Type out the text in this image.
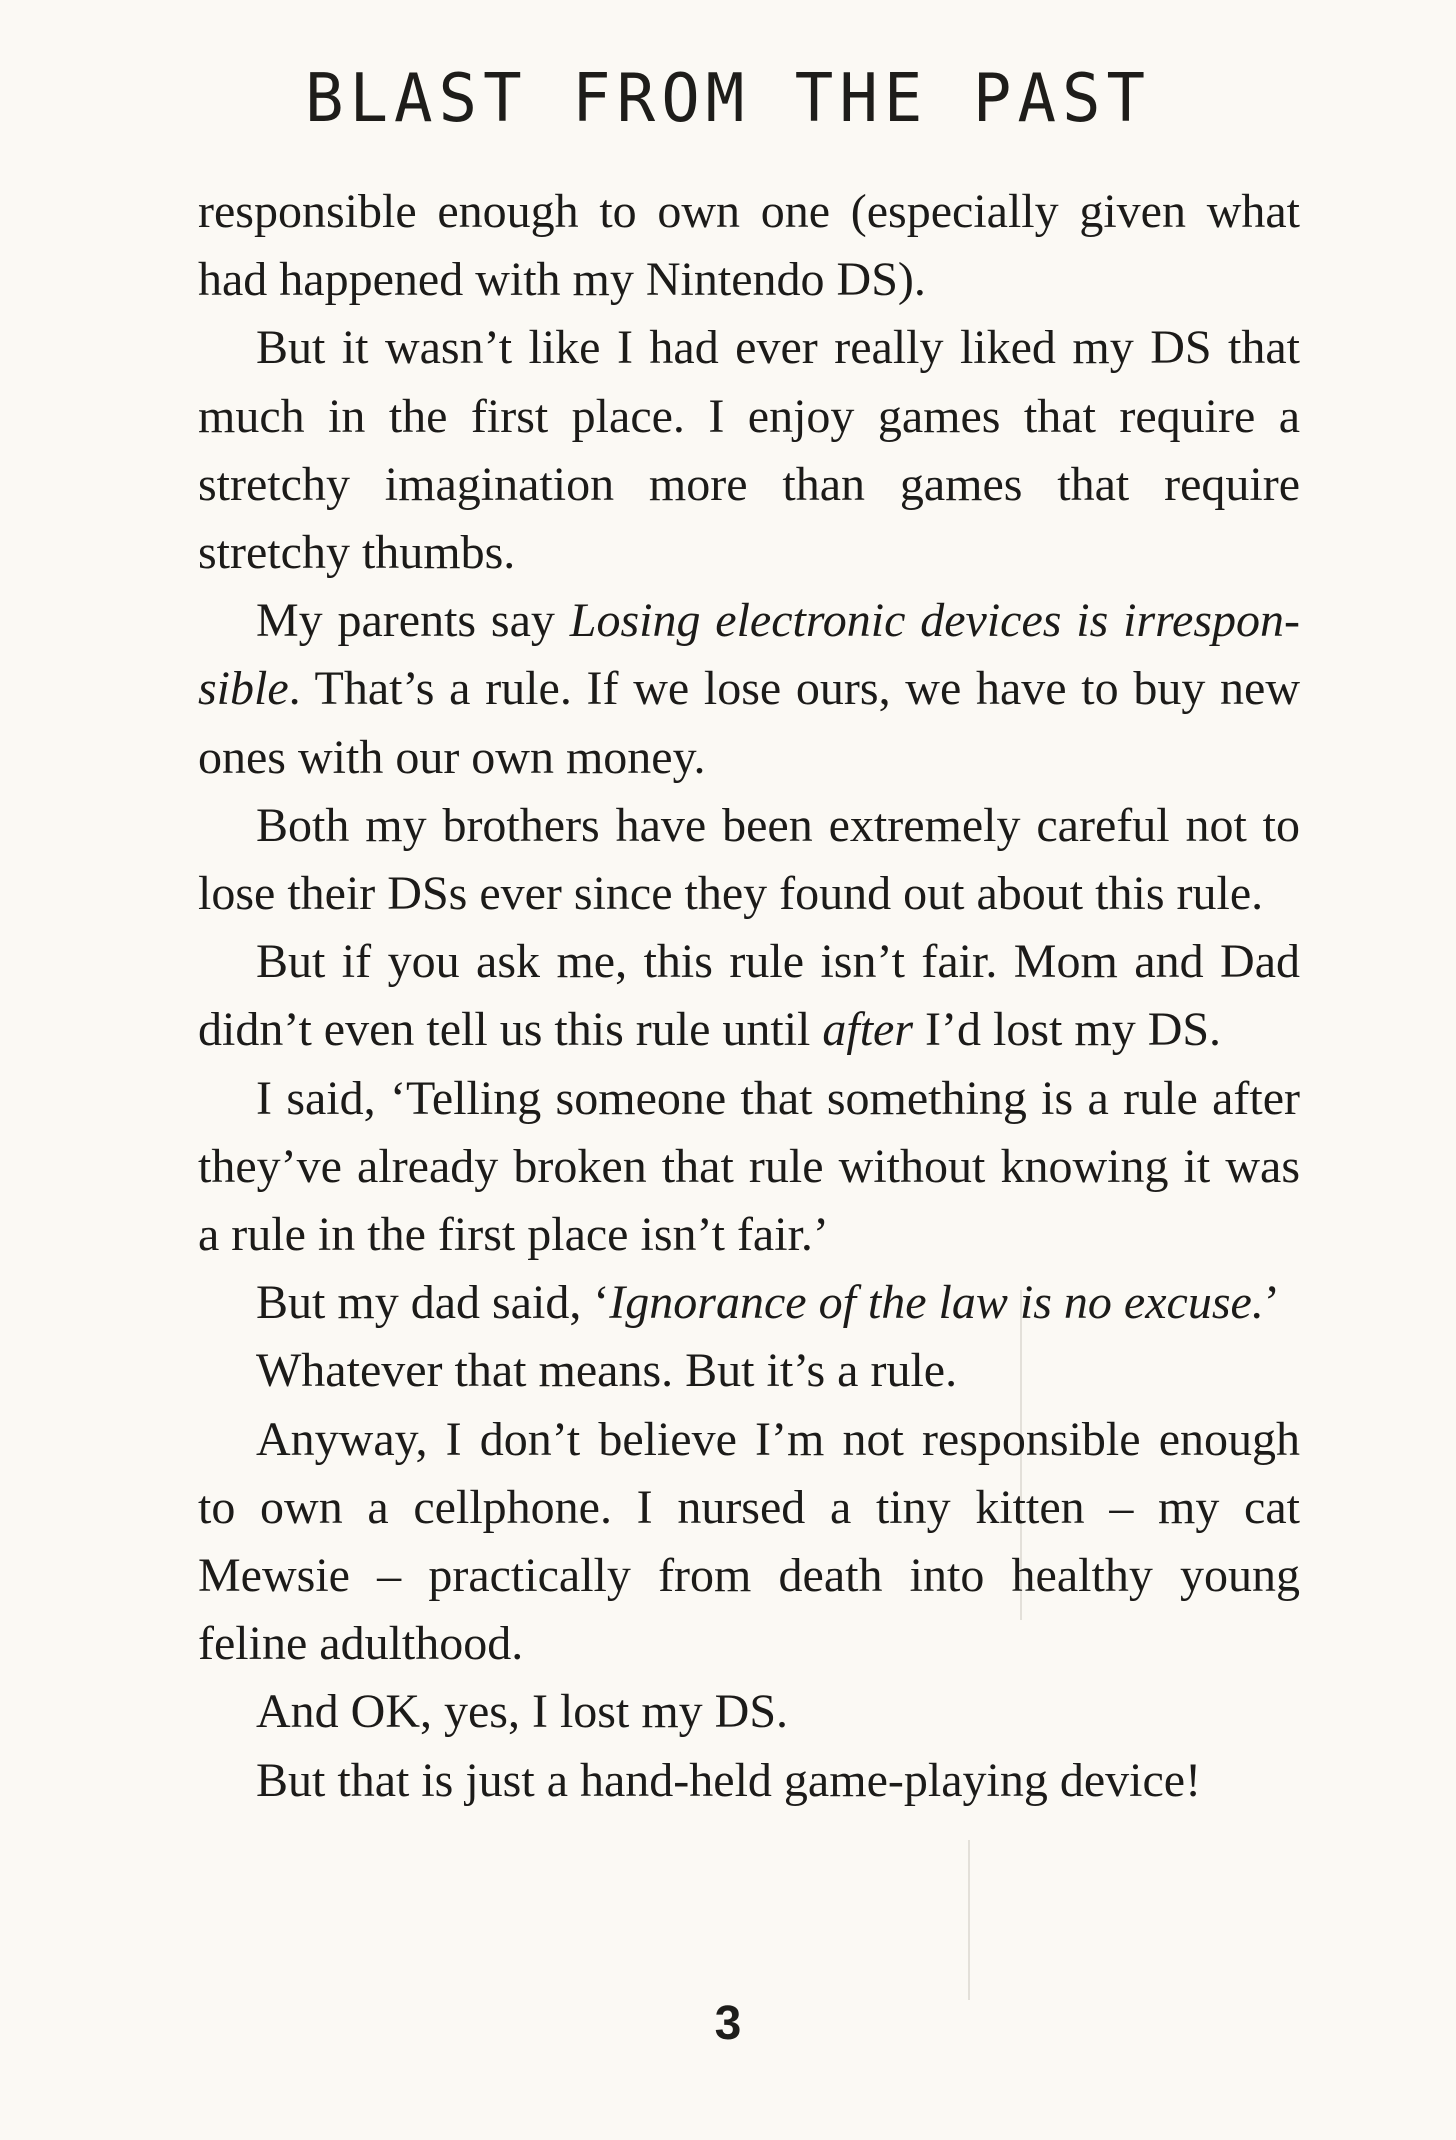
BLAST FROM THE PAST

responsible enough to own one (especially given what had happened with my Nintendo DS).

But it wasn’t like I had ever really liked my DS that much in the first place. I enjoy games that require a stretchy imagination more than games that require stretchy thumbs.

My parents say Losing electronic devices is irresponsible. That’s a rule. If we lose ours, we have to buy new ones with our own money.

Both my brothers have been extremely careful not to lose their DSs ever since they found out about this rule.

But if you ask me, this rule isn’t fair. Mom and Dad didn’t even tell us this rule until after I’d lost my DS.

I said, ‘Telling someone that something is a rule after they’ve already broken that rule without knowing it was a rule in the first place isn’t fair.’

But my dad said, ‘Ignorance of the law is no excuse.’

Whatever that means. But it’s a rule.

Anyway, I don’t believe I’m not responsible enough to own a cellphone. I nursed a tiny kitten – my cat Mewsie – practically from death into healthy young feline adulthood.

And OK, yes, I lost my DS.

But that is just a hand-held game-playing device!

3
